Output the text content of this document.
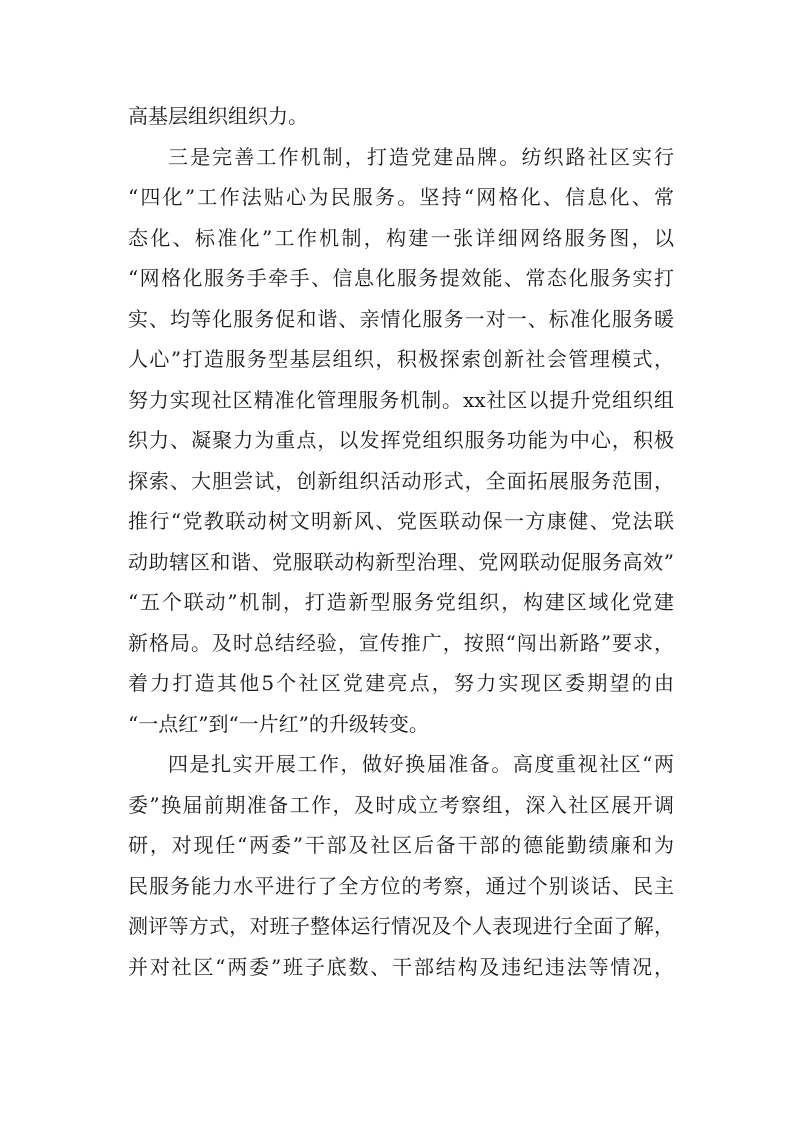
高基层组织组织力。
三是完善工作机制，打造党建品牌。纺织路社区实行
“四化”工作法贴心为民服务。坚持“网格化、信息化、常
态化、标准化”工作机制，构建一张详细网络服务图，以
“网格化服务手牵手、信息化服务提效能、常态化服务实打
实、均等化服务促和谐、亲情化服务一对一、标准化服务暖
人心”打造服务型基层组织，积极探索创新社会管理模式，
努力实现社区精准化管理服务机制。xx社区以提升党组织组
织力、凝聚力为重点，以发挥党组织服务功能为中心，积极
探索、大胆尝试，创新组织活动形式，全面拓展服务范围，
推行“党教联动树文明新风、党医联动保一方康健、党法联
动助辖区和谐、党服联动构新型治理、党网联动促服务高效”
“五个联动”机制，打造新型服务党组织，构建区域化党建
新格局。及时总结经验，宣传推广，按照“闯出新路”要求，
着力打造其他5个社区党建亮点，努力实现区委期望的由
“一点红”到“一片红”的升级转变。
四是扎实开展工作，做好换届准备。高度重视社区“两
委”换届前期准备工作，及时成立考察组，深入社区展开调
研，对现任“两委”干部及社区后备干部的德能勤绩廉和为
民服务能力水平进行了全方位的考察，通过个别谈话、民主
测评等方式，对班子整体运行情况及个人表现进行全面了解，
并对社区“两委”班子底数、干部结构及违纪违法等情况，
